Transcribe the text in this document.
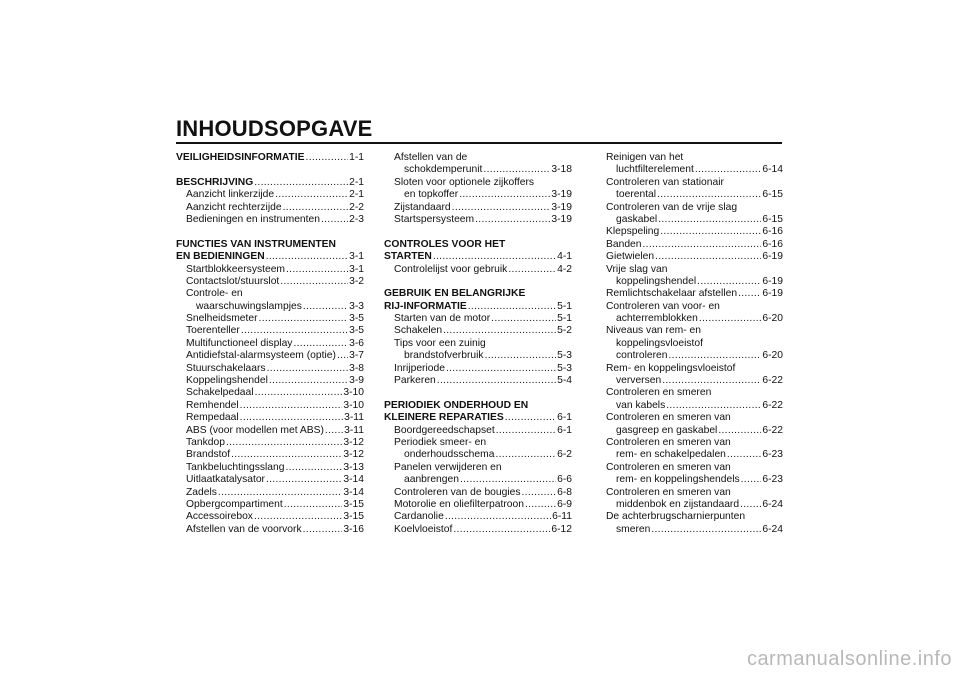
INHOUDSOPGAVE
VEILIGHEIDSINFORMATIE .....	1-1
BESCHRIJVING .....	2-1
Aanzicht linkerzijde .....	2-1
Aanzicht rechterzijde .....	2-2
Bedieningen en instrumenten .....	2-3
FUNCTIES VAN INSTRUMENTEN
EN BEDIENINGEN .....	3-1
Startblokkeersysteem .....	3-1
Contactslot/stuurslot .....	3-2
Controle- en
waarschuwingslampjes .....	3-3
Snelheidsmeter .....	3-5
Toerenteller .....	3-5
Multifunctioneel display .....	3-6
Antidiefstal-alarmsysteem (optie) ..... 3-7
Stuurschakelaars .....	3-8
Koppelingshendel .....	3-9
Schakelpedaal .....	3-10
Remhendel .....	3-10
Rempedaal .....	3-11
ABS (voor modellen met ABS) ..... 3-11
Tankdop .....	3-12
Brandstof .....	3-12
Tankbeluchtingsslang .....	3-13
Uitlaatkatalysator .....	3-14
Zadels .....	3-14
Opbergcompartiment .....	3-15
Accessoirebox .....	3-15
Afstellen van de voorvork .....	3-16
Afstellen van de
schokdemperunit .....	3-18
Sloten voor optionele zijkoffers
en topkoffer .....	3-19
Zijstandaard .....	3-19
Startspersysteem .....	3-19
CONTROLES VOOR HET
STARTEN .....	4-1
Controlelijst voor gebruik .....	4-2
GEBRUIK EN BELANGRIJKE
RIJ-INFORMATIE .....	5-1
Starten van de motor .....	5-1
Schakelen .....	5-2
Tips voor een zuinig
brandstofverbruik .....	5-3
Inrijperiode .....	5-3
Parkeren .....	5-4
PERIODIEK ONDERHOUD EN
KLEINERE REPARATIES .....	6-1
Boordgereedschapset .....	6-1
Periodiek smeer- en
onderhoudsschema .....	6-2
Panelen verwijderen en
aanbrengen .....	6-6
Controleren van de bougies .....	6-8
Motorolie en oliefilterpatroon .....	6-9
Cardanolie .....	6-11
Koelvloeistof .....	6-12
Reinigen van het
luchtfilterelement .....	6-14
Controleren van stationair
toerental .....	6-15
Controleren van de vrije slag
gaskabel .....	6-15
Klepspeling .....	6-16
Banden .....	6-16
Gietwielen .....	6-19
Vrije slag van
koppelingshendel .....	6-19
Remlichtschakelaar afstellen ..... 6-19
Controleren van voor- en
achterremblokken .....	6-20
Niveaus van rem- en
koppelingsvloeistof
controleren .....	6-20
Rem- en koppelingsvloeistof
verversen .....	6-22
Controleren en smeren
van kabels .....	6-22
Controleren en smeren van
gasgreep en gaskabel .....	6-22
Controleren en smeren van
rem- en schakelpedalen .....	6-23
Controleren en smeren van
rem- en koppelingshendels ..... 6-23
Controleren en smeren van
middenbok en zijstandaard ..... 6-24
De achterbrugscharnierpunten
smeren .....	6-24
carmanualsonline.info
